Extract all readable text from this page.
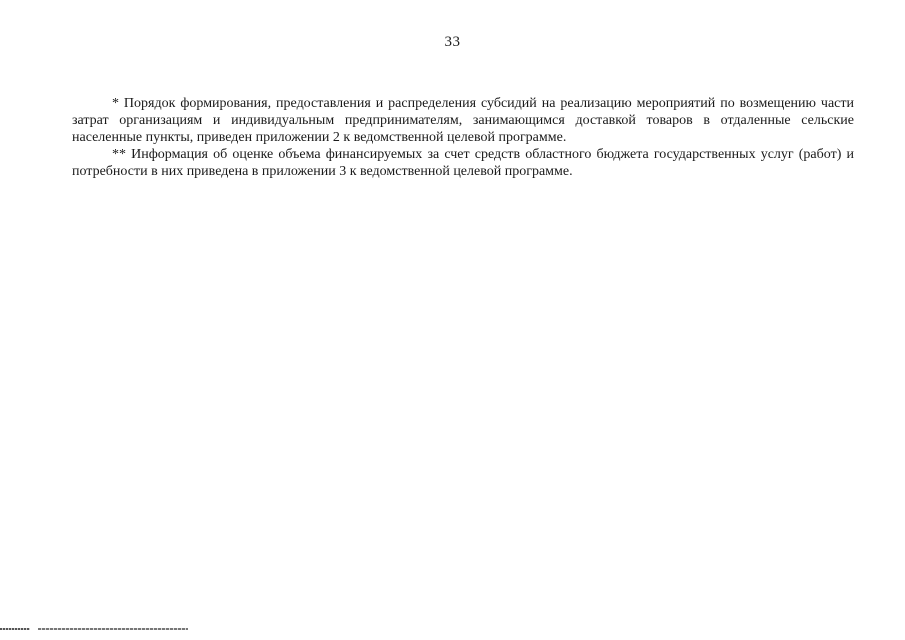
33

* Порядок формирования, предоставления и распределения субсидий на реализацию мероприятий по возмещению части затрат организациям и индивидуальным предпринимателям, занимающимся доставкой товаров в отдаленные сельские населенные пункты, приведен приложении 2 к ведомственной целевой программе.

** Информация об оценке объема финансируемых за счет средств областного бюджета государственных услуг (работ) и потребности в них приведена в приложении 3 к ведомственной целевой программе.
